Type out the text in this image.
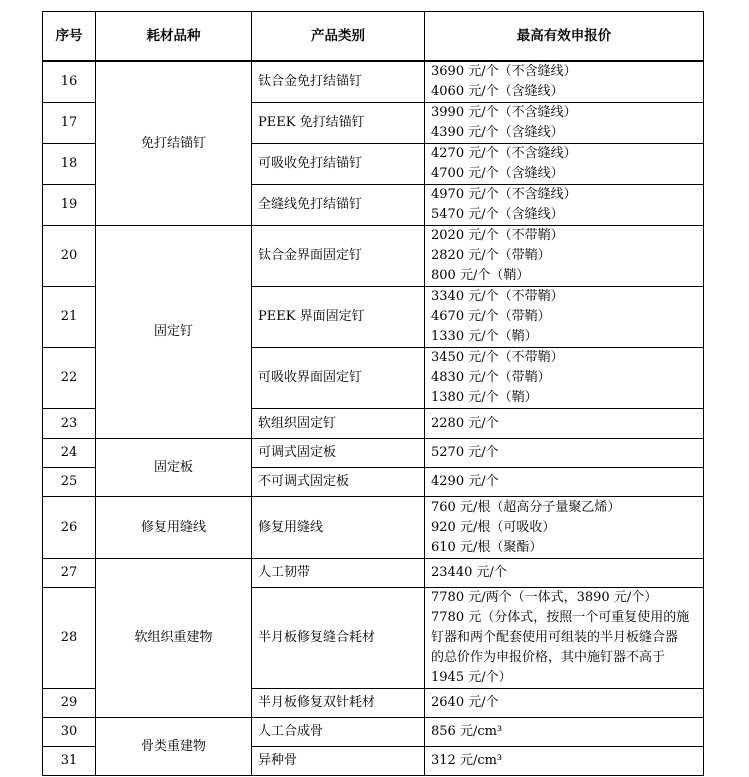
序号	耗材品种	产品类别	最高有效申报价
16	免打结锚钉	钛合金免打结锚钉	3690 元/个（不含缝线）
4060 元/个（含缝线）

17		PEEK 免打结锚钉	3990 元/个（不含缝线）
4390 元/个（含缝线）

18		可吸收免打结锚钉	4270 元/个（不含缝线）
4700 元/个（含缝线）

19		全缝线免打结锚钉	4970 元/个（不含缝线）
5470 元/个（含缝线）

20	固定钉	钛合金界面固定钉	2020 元/个（不带鞘）
2820 元/个（带鞘）
800 元/个（鞘）

21		PEEK 界面固定钉	3340 元/个（不带鞘）
4670 元/个（带鞘）
1330 元/个（鞘）

22		可吸收界面固定钉	3450 元/个（不带鞘）
4830 元/个（带鞘）
1380 元/个（鞘）

23		软组织固定钉	2280 元/个

24	固定板	可调式固定板	5270 元/个

25		不可调式固定板	4290 元/个

26	修复用缝线	修复用缝线	760 元/根（超高分子量聚乙烯）
920 元/根（可吸收）
610 元/根（聚酯）

27	软组织重建物	人工韧带	23440 元/个

28		半月板修复缝合耗材	7780 元/两个（一体式，3890 元/个）
7780 元（分体式，按照一个可重复使用的施
钉器和两个配套使用可组装的半月板缝合器
的总价作为申报价格，其中施钉器不高于
1945 元/个）

29		半月板修复双针耗材	2640 元/个

30	骨类重建物	人工合成骨	856 元/cm³

31		异种骨	312 元/cm³
